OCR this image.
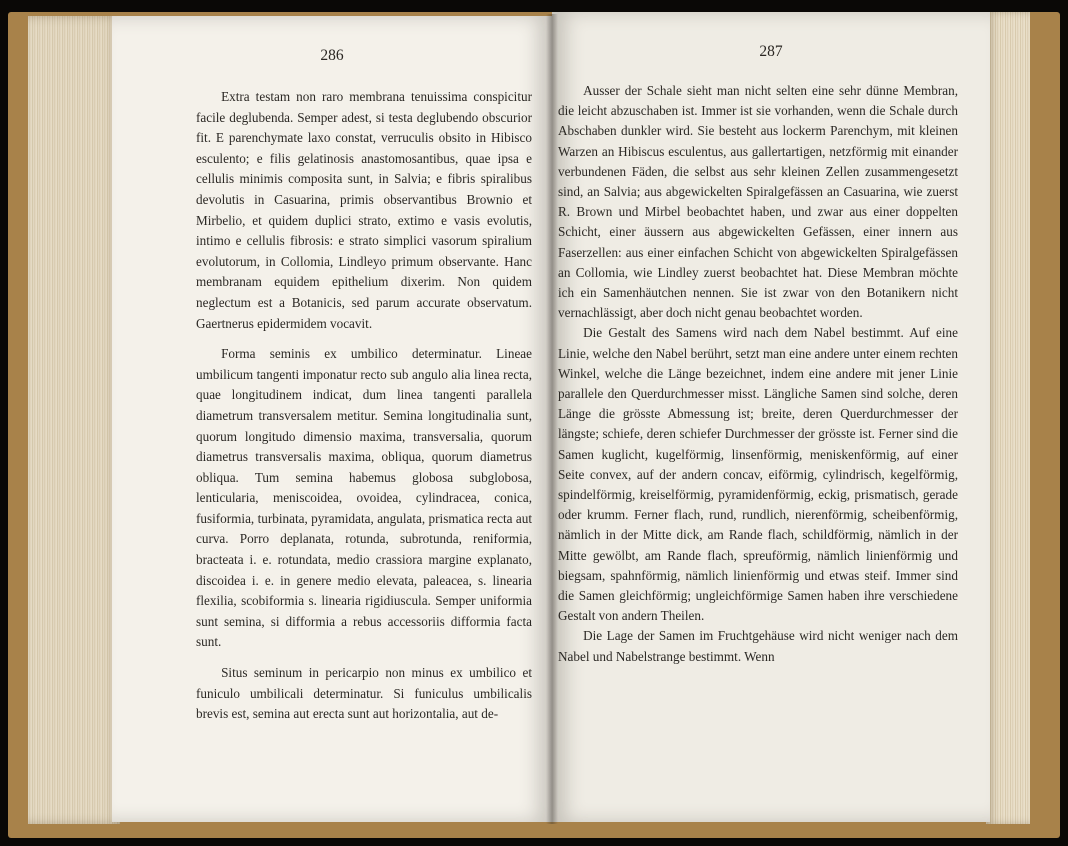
286

Extra testam non raro membrana tenuissima conspicitur facile deglubenda. Semper adest, si testa deglubendo obscurior fit. E parenchymate laxo constat, verruculis obsito in Hibisco esculento; e filis gelatinosis anastomosantibus, quae ipsa e cellulis minimis composita sunt, in Salvia; e fibris spiralibus devolutis in Casuarina, primis observantibus Brownio et Mirbelio, et quidem duplici strato, extimo e vasis evolutis, intimo e cellulis fibrosis: e strato simplici vasorum spiralium evolutorum, in Collomia, Lindleyo primum observante. Hanc membranam equidem epithelium dixerim. Non quidem neglectum est a Botanicis, sed parum accurate observatum. Gaertnerus epidermidem vocavit.

Forma seminis ex umbilico determinatur. Lineae umbilicum tangenti imponatur recto sub angulo alia linea recta, quae longitudinem indicat, dum linea tangenti parallela diametrum transversalem metitur. Semina longitudinalia sunt, quorum longitudo dimensio maxima, transversalia, quorum diametrus transversalis maxima, obliqua, quorum diametrus obliqua. Tum semina habemus globosa subglobosa, lenticularia, meniscoidea, ovoidea, cylindracea, conica, fusiformia, turbinata, pyramidata, angulata, prismatica recta aut curva. Porro deplanata, rotunda, subrotunda, reniformia, bracteata i. e. rotundata, medio crassiora margine explanato, discoidea i. e. in genere medio elevata, paleacea, s. linearia flexilia, scobiformia s. linearia rigidiuscula. Semper uniformia sunt semina, si difformia a rebus accessoriis difformia facta sunt.

Situs seminum in pericarpio non minus ex umbilico et funiculo umbilicali determinatur. Si funiculus umbilicalis brevis est, semina aut erecta sunt aut horizontalia, aut de-

287

Ausser der Schale sieht man nicht selten eine sehr dünne Membran, die leicht abzuschaben ist. Immer ist sie vorhanden, wenn die Schale durch Abschaben dunkler wird. Sie besteht aus lockerm Parenchym, mit kleinen Warzen an Hibiscus esculentus, aus gallertartigen, netzförmig mit einander verbundenen Fäden, die selbst aus sehr kleinen Zellen zusammengesetzt sind, an Salvia; aus abgewickelten Spiralgefässen an Casuarina, wie zuerst R. Brown und Mirbel beobachtet haben, und zwar aus einer doppelten Schicht, einer äussern aus abgewickelten Gefässen, einer innern aus Faserzellen: aus einer einfachen Schicht von abgewickelten Spiralgefässen an Collomia, wie Lindley zuerst beobachtet hat. Diese Membran möchte ich ein Samenhäutchen nennen. Sie ist zwar von den Botanikern nicht vernachlässigt, aber doch nicht genau beobachtet worden.

Die Gestalt des Samens wird nach dem Nabel bestimmt. Auf eine Linie, welche den Nabel berührt, setzt man eine andere unter einem rechten Winkel, welche die Länge bezeichnet, indem eine andere mit jener Linie parallele den Querdurchmesser misst. Längliche Samen sind solche, deren Länge die grösste Abmessung ist; breite, deren Querdurchmesser der längste; schiefe, deren schiefer Durchmesser der grösste ist. Ferner sind die Samen kuglicht, kugelförmig, linsenförmig, meniskenförmig, auf einer Seite convex, auf der andern concav, eiförmig, cylindrisch, kegelförmig, spindelförmig, kreiselförmig, pyramidenförmig, eckig, prismatisch, gerade oder krumm. Ferner flach, rund, rundlich, nierenförmig, scheibenförmig, nämlich in der Mitte dick, am Rande flach, schildförmig, nämlich in der Mitte gewölbt, am Rande flach, spreuförmig, nämlich linienförmig und biegsam, spahnförmig, nämlich linienförmig und etwas steif. Immer sind die Samen gleichförmig; ungleichförmige Samen haben ihre verschiedene Gestalt von andern Theilen.

Die Lage der Samen im Fruchtgehäuse wird nicht weniger nach dem Nabel und Nabelstrange bestimmt. Wenn
